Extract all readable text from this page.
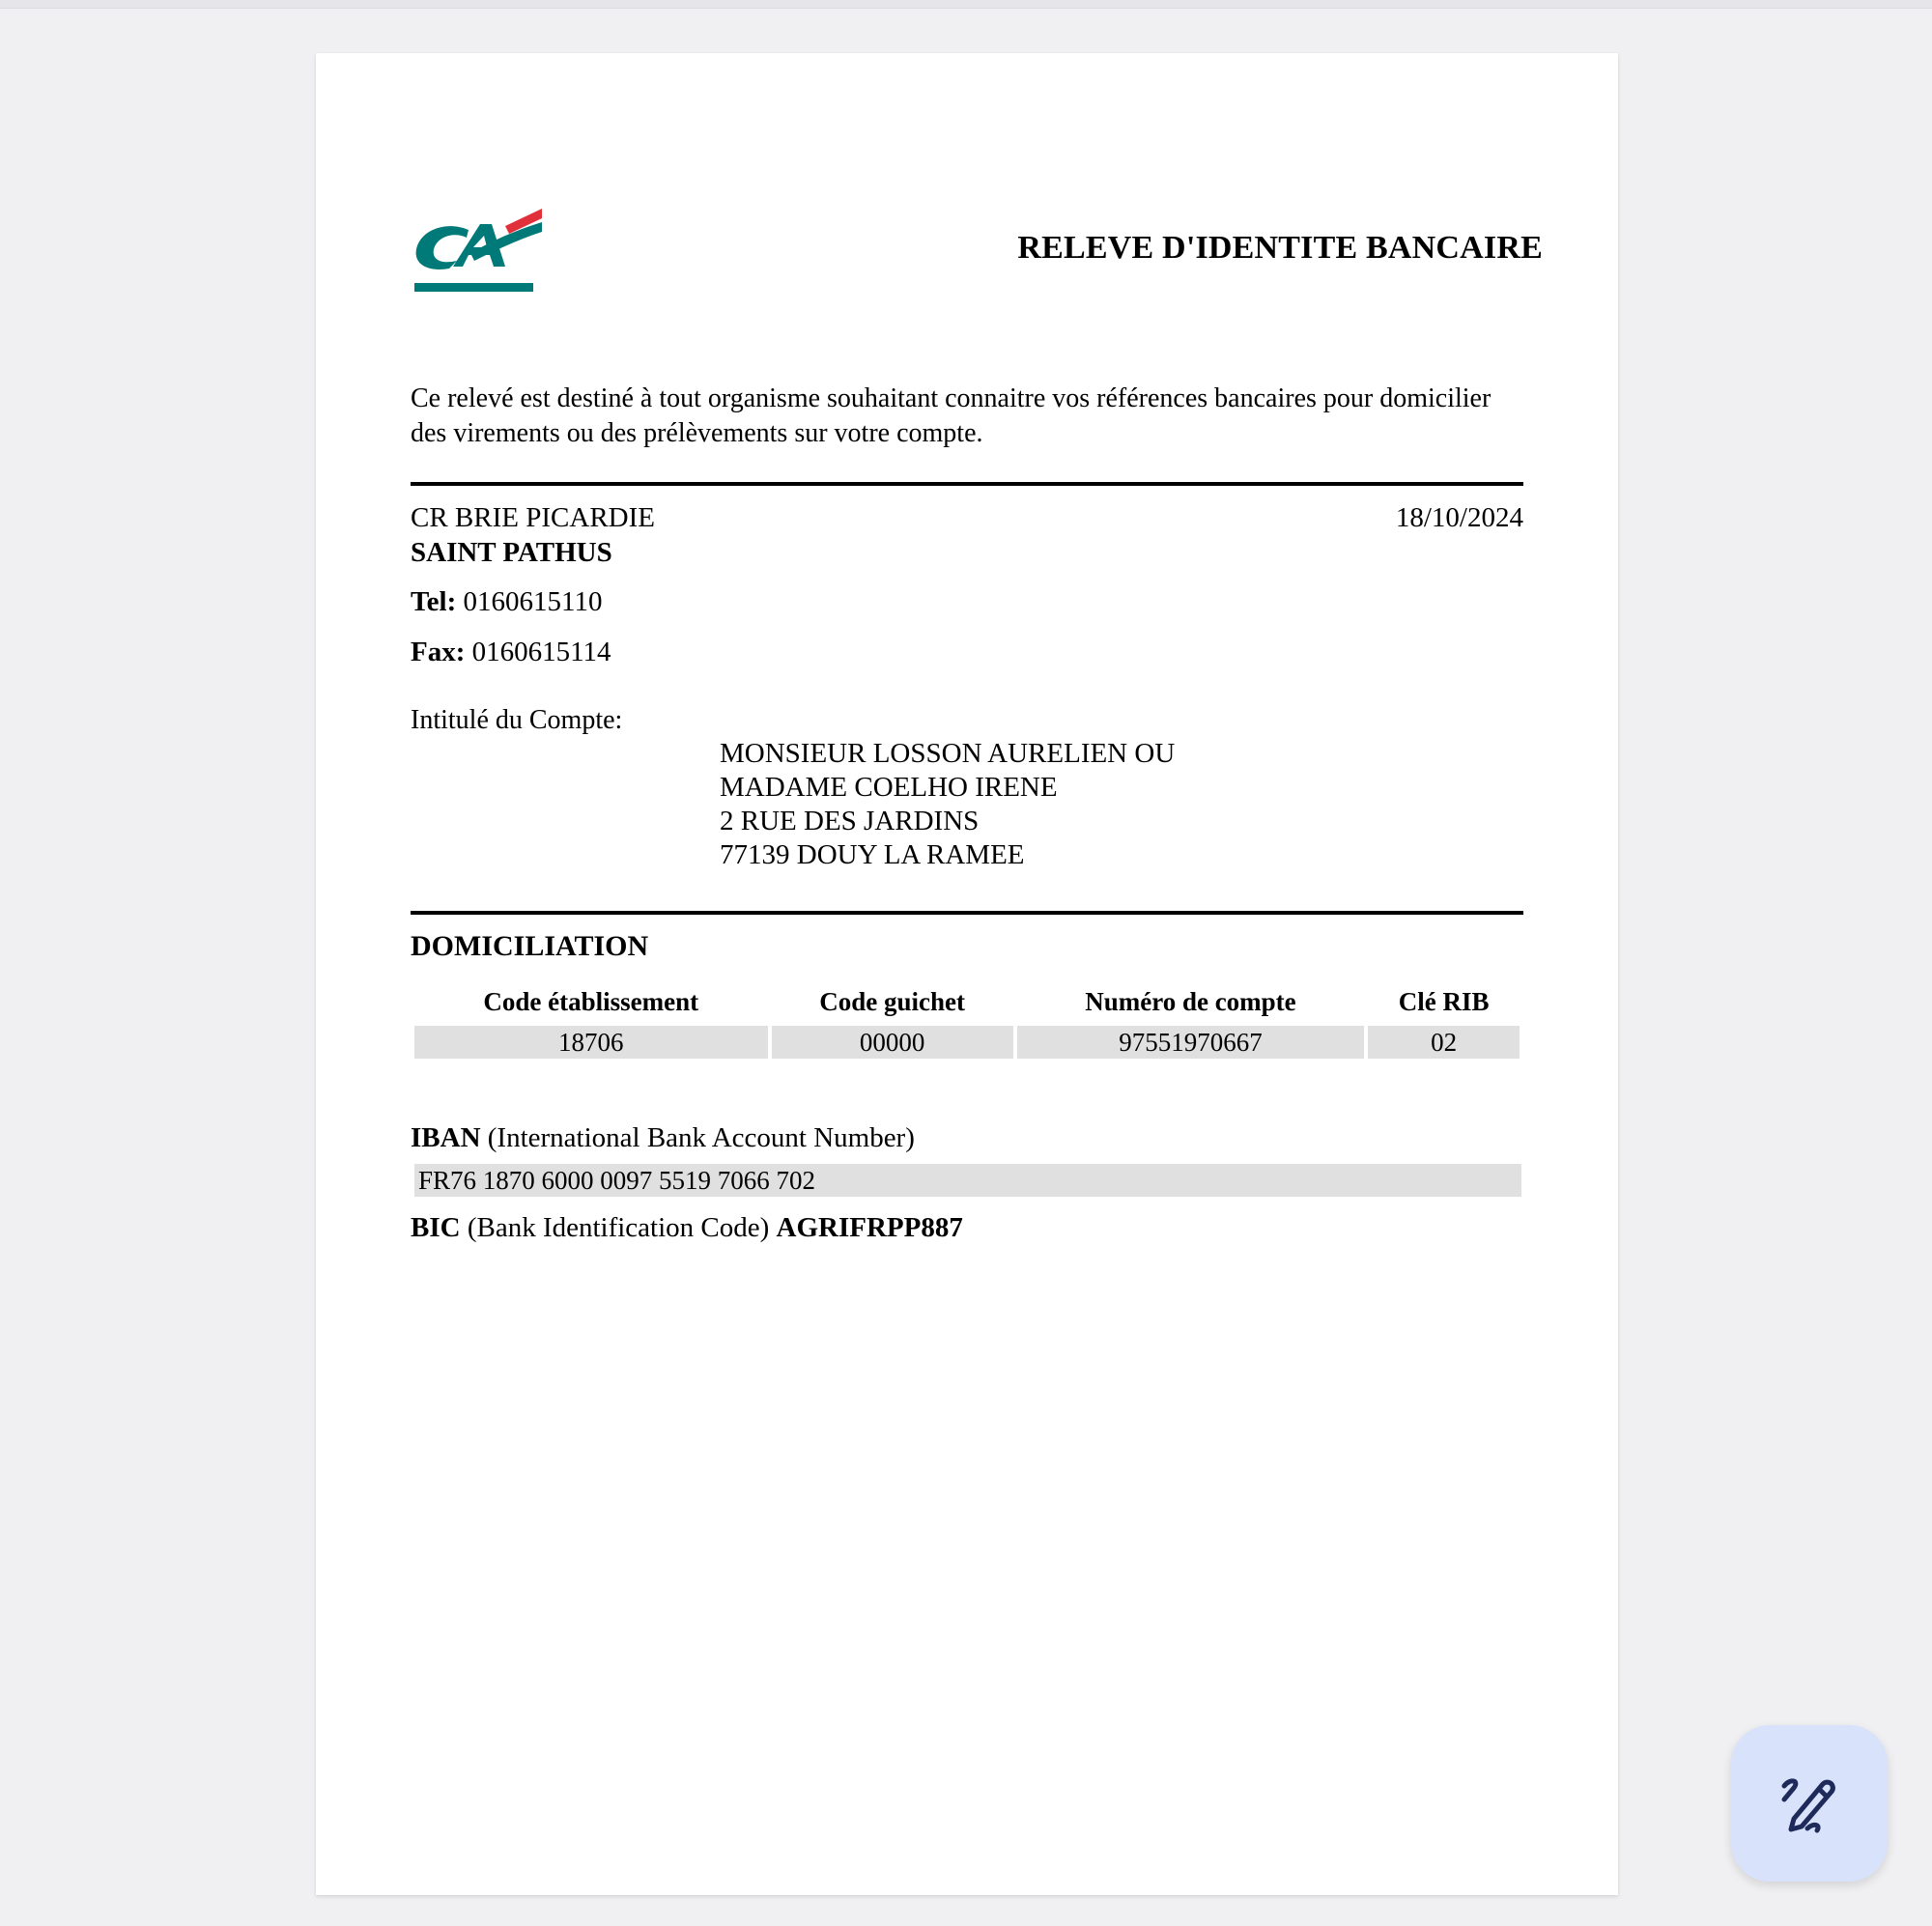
RELEVE D'IDENTITE BANCAIRE
Ce relevé est destiné à tout organisme souhaitant connaitre vos références bancaires pour domicilier des virements ou des prélèvements sur votre compte.
CR BRIE PICARDIE
SAINT PATHUS
18/10/2024
Tel: 0160615110
Fax: 0160615114
Intitulé du Compte:
MONSIEUR LOSSON AURELIEN OU
MADAME COELHO IRENE
2 RUE DES JARDINS
77139 DOUY LA RAMEE
DOMICILIATION
Code établissement	Code guichet	Numéro de compte	Clé RIB
18706	00000	97551970667	02
IBAN (International Bank Account Number)
FR76 1870 6000 0097 5519 7066 702
BIC (Bank Identification Code) AGRIFRPP887
